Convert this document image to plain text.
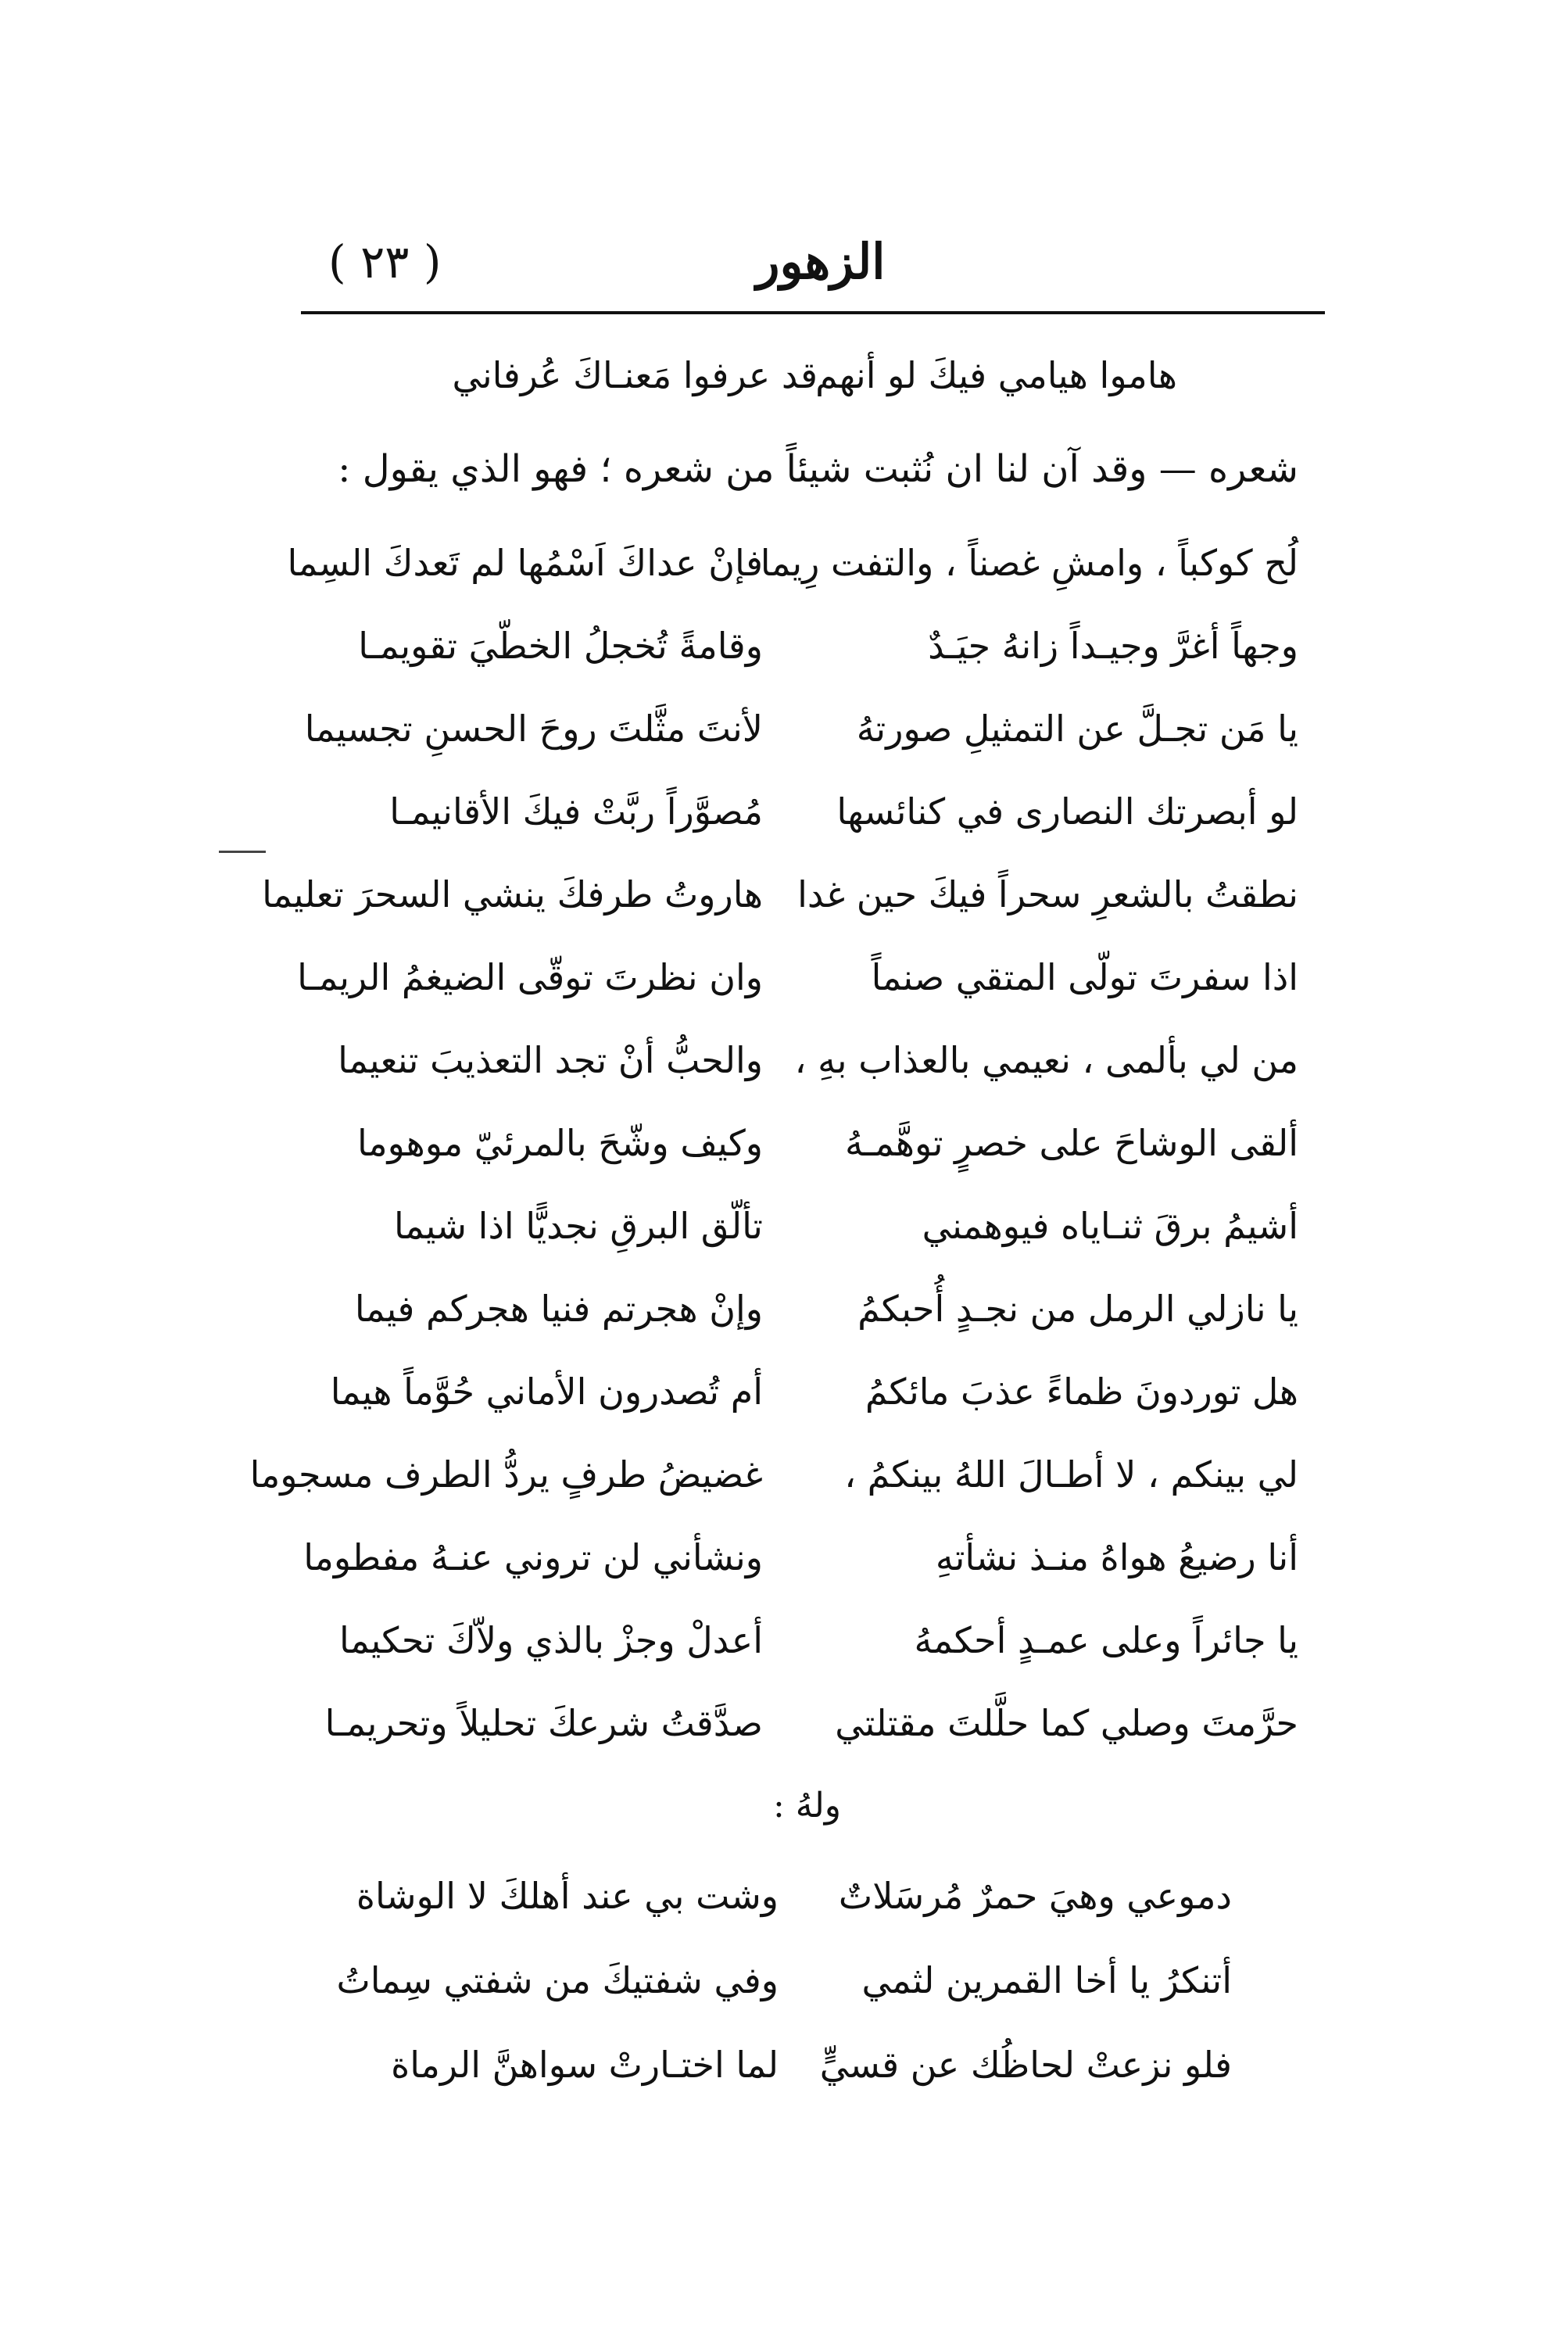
الزهور
( ٢٣ )
هاموا هيامي فيكَ لو أنهم
قد عرفوا مَعنـاكَ عُرفاني
شعره — وقد آن لنا ان نُثبت شيئاً من شعره ؛ فهو الذي يقول :
لُح كوكباً ، وامشِ غصناً ، والتفت رِيما
فإنْ عداكَ اَسْمُها لم تَعدكَ السِما
وجهاً أغرَّ وجيـداً زانهُ جيَـدٌ
وقامةً تُخجلُ الخطّيَ تقويمـا
يا مَن تجـلَّ عن التمثيلِ صورتهُ
لأنتَ مثَّلتَ روحَ الحسنِ تجسيما
لو أبصرتك النصارى في كنائسها
مُصوَّراً ربَّتْ فيكَ الأقانيمـا
نطقتُ بالشعرِ سحراً فيكَ حين غدا
هاروتُ طرفكَ ينشي السحرَ تعليما
اذا سفرتَ تولّى المتقي صنماً
وان نظرتَ توقّى الضيغمُ الريمـا
من لي بألمى ، نعيمي بالعذاب بهِ ،
والحبُّ أنْ تجد التعذيبَ تنعيما
ألقى الوشاحَ على خصرٍ توهَّمـهُ
وكيف وشّحَ بالمرئيّ موهوما
أشيمُ برقَ ثنـاياه فيوهمني
تألّق البرقِ نجديًّا اذا شيما
يا نازلي الرمل من نجـدٍ أُحبكمُ
وإنْ هجرتم فنيا هجركم فيما
هل توردونَ ظماءً عذبَ مائكمُ
أم تُصدرون الأماني حُوَّماً هيما
لي بينكم ، لا أطـالَ اللهُ بينكمُ ،
غضيضُ طرفٍ يردُّ الطرف مسجوما
أنا رضيعُ هواهُ منـذ نشأتهِ
ونشأني لن تروني عنـهُ مفطوما
يا جائراً وعلى عمـدٍ أحكمهُ
أعدلْ وجزْ بالذي ولاّكَ تحكيما
حرَّمتَ وصلي كما حلَّلتَ مقتلتي
صدَّقتُ شرعكَ تحليلاً وتحريمـا
ولهُ :
دموعي وهيَ حمرٌ مُرسَلاتٌ
وشت بي عند أهلكَ لا الوشاة
أتنكرُ يا أخا القمرين لثمي
وفي شفتيكَ من شفتي سِماتُ
فلو نزعتْ لحاظُك عن قسيٍّ
لما اختـارتْ سواهنَّ الرماة
